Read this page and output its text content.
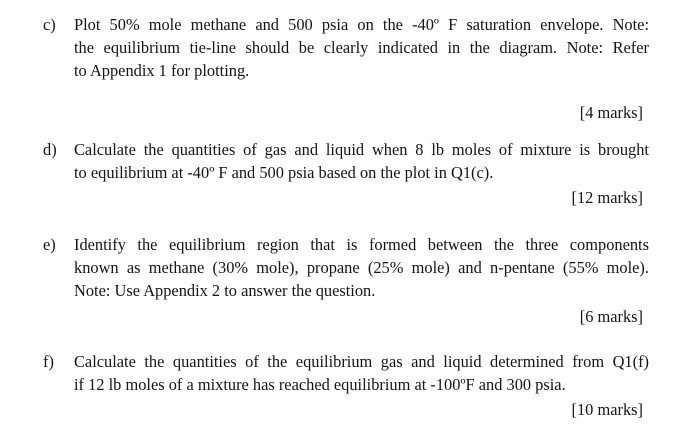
c) Plot 50% mole methane and 500 psia on the -40º F saturation envelope. Note:
the equilibrium tie-line should be clearly indicated in the diagram. Note: Refer
to Appendix 1 for plotting.
[4 marks]
d) Calculate the quantities of gas and liquid when 8 lb moles of mixture is brought
to equilibrium at -40º F and 500 psia based on the plot in Q1(c).
[12 marks]
e) Identify the equilibrium region that is formed between the three components
known as methane (30% mole), propane (25% mole) and n-pentane (55% mole).
Note: Use Appendix 2 to answer the question.
[6 marks]
f) Calculate the quantities of the equilibrium gas and liquid determined from Q1(f)
if 12 lb moles of a mixture has reached equilibrium at -100ºF and 300 psia.
[10 marks]
